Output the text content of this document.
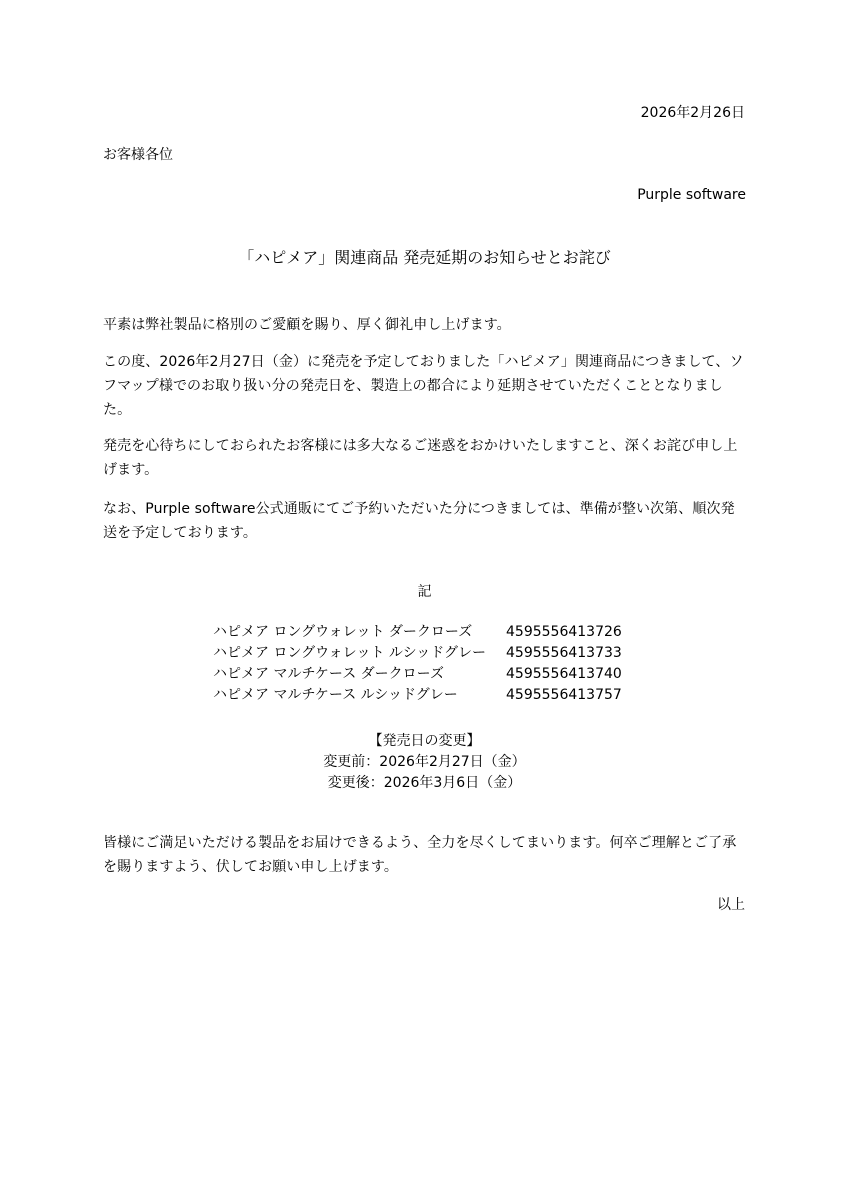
2026年2月26日
お客様各位
Purple software
「ハピメア」関連商品 発売延期のお知らせとお詫び
平素は弊社製品に格別のご愛顧を賜り、厚く御礼申し上げます。
この度、2026年2月27日（金）に発売を予定しておりました「ハピメア」関連商品につきまして、ソフマップ様でのお取り扱い分の発売日を、製造上の都合により延期させていただくこととなりました。
発売を心待ちにしておられたお客様には多大なるご迷惑をおかけいたしますこと、深くお詫び申し上げます。
なお、Purple software公式通販にてご予約いただいた分につきましては、準備が整い次第、順次発送を予定しております。
記
ハピメア ロングウォレット ダークローズ 4595556413726
ハピメア ロングウォレット ルシッドグレー 4595556413733
ハピメア マルチケース ダークローズ	4595556413740
ハピメア マルチケース ルシッドグレー	4595556413757
【発売日の変更】
変更前：2026年2月27日（金）
変更後：2026年3月6日（金）
皆様にご満足いただける製品をお届けできるよう、全力を尽くしてまいります。何卒ご理解とご了承を賜りますよう、伏してお願い申し上げます。
以上
